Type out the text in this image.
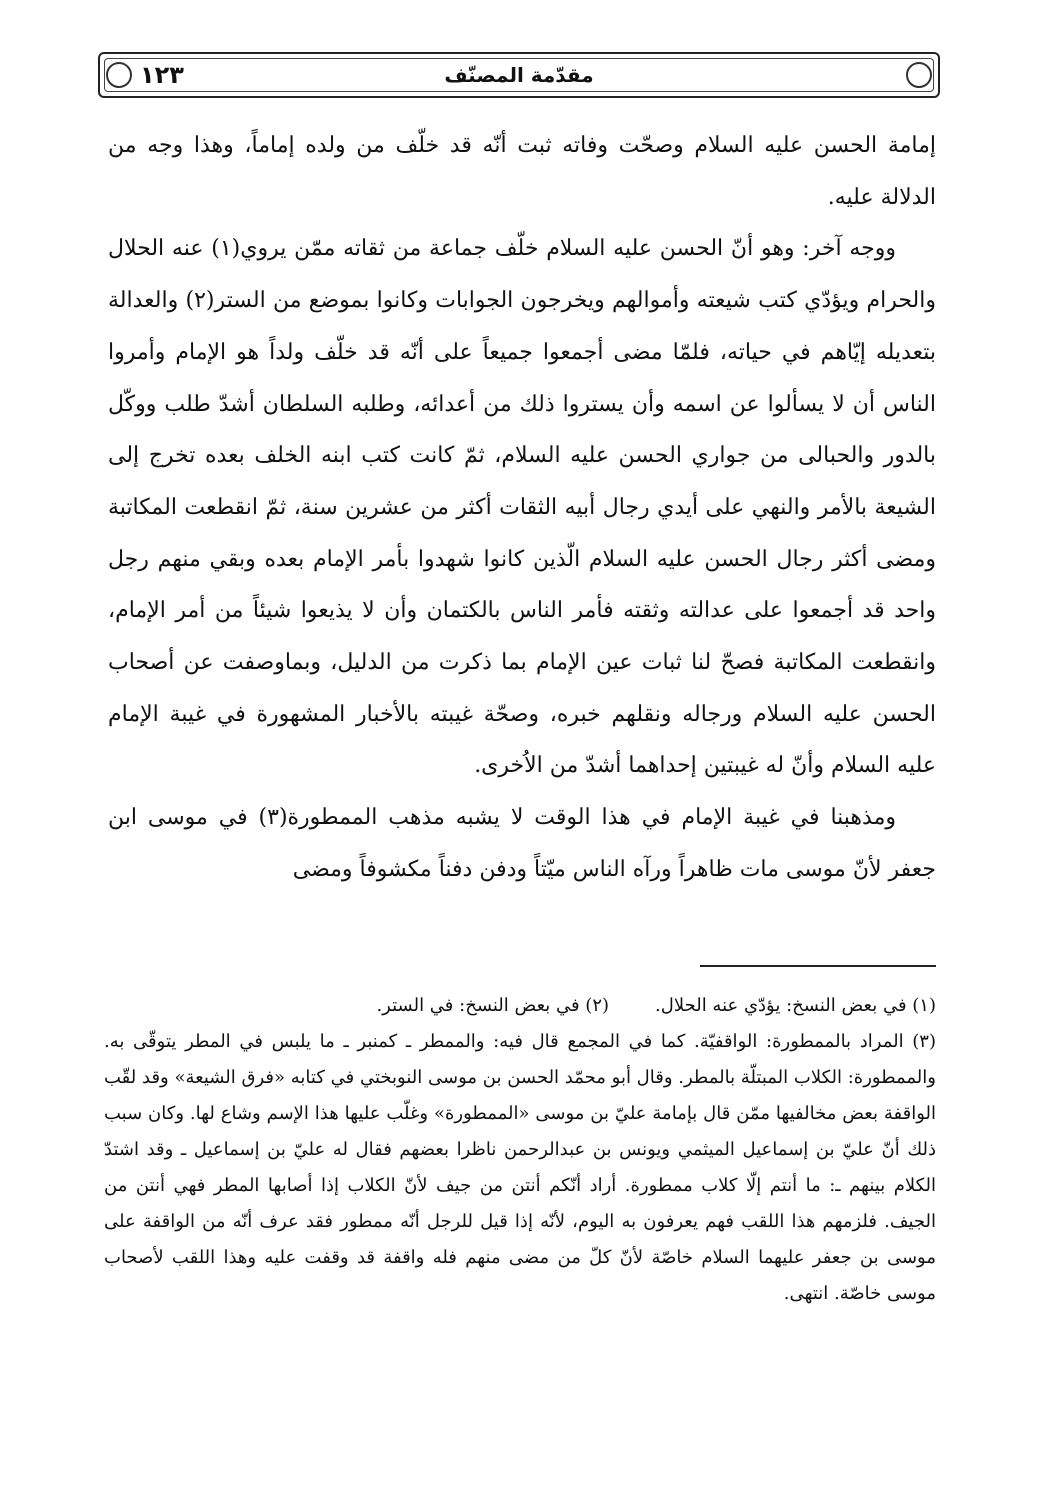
١٢٣	مقدّمة المصنّف

إمامة الحسن عليه السلام وصحّت وفاته ثبت أنّه قد خلّف من ولده إماماً، وهذا وجه من الدلالة عليه.

ووجه آخر: وهو أنّ الحسن عليه السلام خلّف جماعة من ثقاته ممّن يروي(١) عنه الحلال والحرام ويؤدّي كتب شيعته وأموالهم ويخرجون الجوابات وكانوا بموضع من الستر(٢) والعدالة بتعديله إيّاهم في حياته، فلمّا مضى أجمعوا جميعاً على أنّه قد خلّف ولداً هو الإمام وأمروا الناس أن لا يسألوا عن اسمه وأن يستروا ذلك من أعدائه، وطلبه السلطان أشدّ طلب ووكّل بالدور والحبالى من جواري الحسن عليه السلام، ثمّ كانت كتب ابنه الخلف بعده تخرج إلى الشيعة بالأمر والنهي على أيدي رجال أبيه الثقات أكثر من عشرين سنة، ثمّ انقطعت المكاتبة ومضى أكثر رجال الحسن عليه السلام الّذين كانوا شهدوا بأمر الإمام بعده وبقي منهم رجل واحد قد أجمعوا على عدالته وثقته فأمر الناس بالكتمان وأن لا يذيعوا شيئاً من أمر الإمام، وانقطعت المكاتبة فصحّ لنا ثبات عين الإمام بما ذكرت من الدليل، وبماوصفت عن أصحاب الحسن عليه السلام ورجاله ونقلهم خبره، وصحّة غيبته بالأخبار المشهورة في غيبة الإمام عليه السلام وأنّ له غيبتين إحداهما أشدّ من الاُخرى.

ومذهبنا في غيبة الإمام في هذا الوقت لا يشبه مذهب الممطورة(٣) في موسى ابن جعفر لأنّ موسى مات ظاهراً ورآه الناس ميّتاً ودفن دفناً مكشوفاً ومضى

(١) في بعض النسخ: يؤدّي عنه الحلال.
(٢) في بعض النسخ: في الستر.

(٣) المراد بالممطورة: الواقفيّة. كما في المجمع قال فيه: والممطر ـ كمنبر ـ ما يلبس في المطر يتوقّى به. والممطورة: الكلاب المبتلّة بالمطر. وقال أبو محمّد الحسن بن موسى النوبختي في كتابه «فرق الشيعة» وقد لقّب الواقفة بعض مخالفيها ممّن قال بإمامة عليّ بن موسى «الممطورة» وغلّب عليها هذا الإسم وشاع لها. وكان سبب ذلك أنّ عليّ بن إسماعيل الميثمي ويونس بن عبدالرحمن ناظرا بعضهم فقال له عليّ بن إسماعيل ـ وقد اشتدّ الكلام بينهم ـ: ما أنتم إلّا كلاب ممطورة. أراد أنّكم أنتن من جيف لأنّ الكلاب إذا أصابها المطر فهي أنتن من الجيف. فلزمهم هذا اللقب فهم يعرفون به اليوم، لأنّه إذا قيل للرجل أنّه ممطور فقد عرف أنّه من الواقفة على موسى بن جعفر عليهما السلام خاصّة لأنّ كلّ من مضى منهم فله واقفة قد وقفت عليه وهذا اللقب لأصحاب موسى خاصّة. انتهى.
